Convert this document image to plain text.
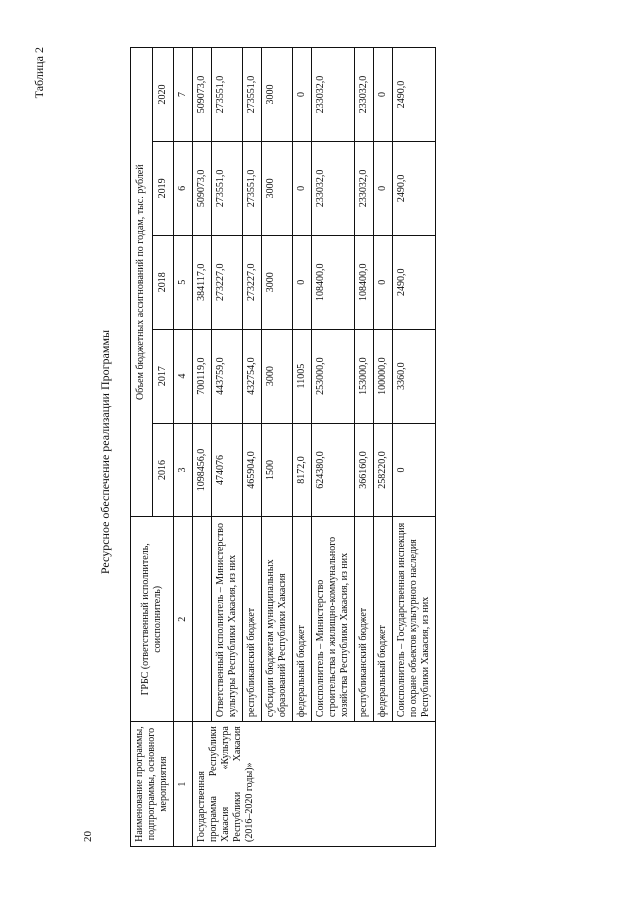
20
Таблица 2
Ресурсное обеспечение реализации Программы
Наименование программы, подпрограммы, основного мероприятия	ГРБС (ответственный исполнитель, соисполнитель)	Объем бюджетных ассигнований по годам, тыс. рублей				
		2016	2017	2018	2019	2020
1	2	3	4	5	6	7
Государственная программа Республики Хакасия «Культура Республики Хакасия (2016–2020 годы)»		1098456,0	700119,0	384117,0	509073,0	509073,0
	Ответственный исполнитель – Министерство культуры Республики Хакасия, из них	474076	443759,0	273227,0	273551,0	273551,0
	республиканский бюджет	465904,0	432754,0	273227,0	273551,0	273551,0
	субсидии бюджетам муниципальных образований Республики Хакасия	1500	3000	3000	3000	3000
	федеральный бюджет	8172,0	11005	0	0	0
	Соисполнитель – Министерство строительства и жилищно-коммунального хозяйства Республики Хакасия, из них	624380,0	253000,0	108400,0	233032,0	233032,0
	республиканский бюджет	366160,0	153000,0	108400,0	233032,0	233032,0
	федеральный бюджет	258220,0	100000,0	0	0	0
	Соисполнитель – Государственная инспекция по охране объектов культурного наследия Республики Хакасия, из них	0	3360,0	2490,0	2490,0	2490,0
